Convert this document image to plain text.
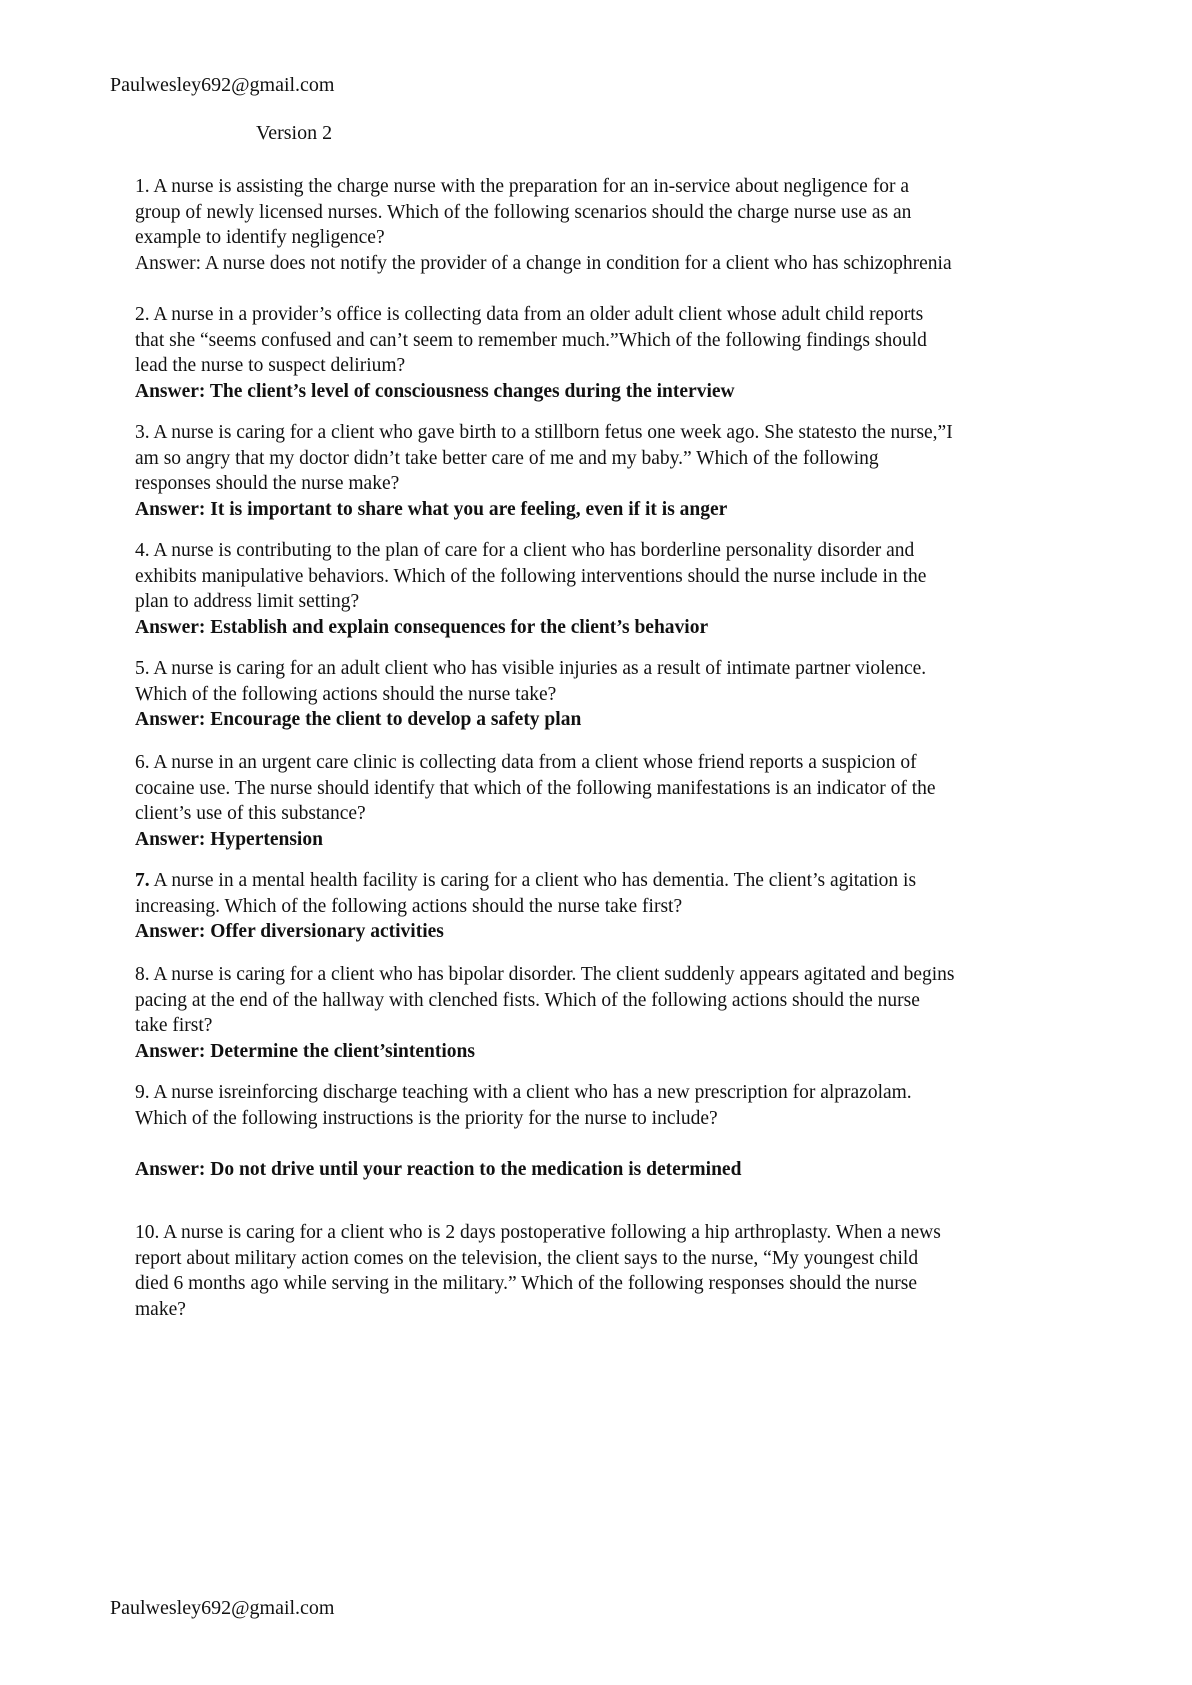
Paulwesley692@gmail.com
Version 2

1. A nurse is assisting the charge nurse with the preparation for an in-service about negligence for a group of newly licensed nurses. Which of the following scenarios should the charge nurse use as an example to identify negligence?

Answer: A nurse does not notify the provider of a change in condition for a client who has schizophrenia

2. A nurse in a provider’s office is collecting data from an older adult client whose adult child reports that she “seems confused and can’t seem to remember much.”Which of the following findings should lead the nurse to suspect delirium?

Answer: The client’s level of consciousness changes during the interview

3. A nurse is caring for a client who gave birth to a stillborn fetus one week ago. She statesto the nurse,”I am so angry that my doctor didn’t take better care of me and my baby.” Which of the following responses should the nurse make?

Answer: It is important to share what you are feeling, even if it is anger

4. A nurse is contributing to the plan of care for a client who has borderline personality disorder and exhibits manipulative behaviors. Which of the following interventions should the nurse include in the plan to address limit setting?

Answer: Establish and explain consequences for the client’s behavior

5. A nurse is caring for an adult client who has visible injuries as a result of intimate partner violence. Which of the following actions should the nurse take?

Answer: Encourage the client to develop a safety plan

6. A nurse in an urgent care clinic is collecting data from a client whose friend reports a suspicion of cocaine use. The nurse should identify that which of the following manifestations is an indicator of the client’s use of this substance?

Answer: Hypertension

7. A nurse in a mental health facility is caring for a client who has dementia. The client’s agitation is increasing. Which of the following actions should the nurse take first?

Answer: Offer diversionary activities

8. A nurse is caring for a client who has bipolar disorder. The client suddenly appears agitated and begins pacing at the end of the hallway with clenched fists. Which of the following actions should the nurse take first?

Answer: Determine the client’sintentions

9. A nurse isreinforcing discharge teaching with a client who has a new prescription for alprazolam. Which of the following instructions is the priority for the nurse to include?

Answer: Do not drive until your reaction to the medication is determined

10. A nurse is caring for a client who is 2 days postoperative following a hip arthroplasty. When a news report about military action comes on the television, the client says to the nurse, “My youngest child died 6 months ago while serving in the military.” Which of the following responses should the nurse make?

Paulwesley692@gmail.com
